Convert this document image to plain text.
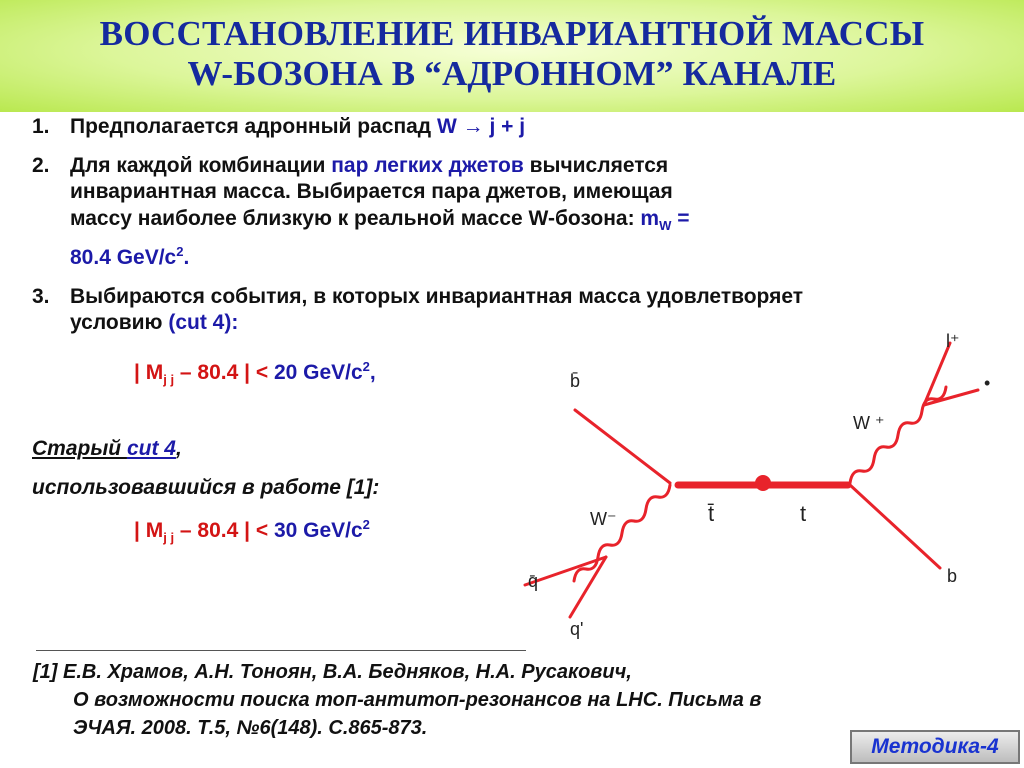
ВОССТАНОВЛЕНИЕ ИНВАРИАНТНОЙ МАССЫ
W-БОЗОНА В “АДРОННОМ” КАНАЛЕ
1. Предполагается адронный распад W → j + j
2. Для каждой комбинации пар легких джетов вычисляется инвариантная масса. Выбирается пара джетов, имеющая массу наиболее близкую к реальной массе W-бозона: $m_W = 80.4$ GeV/$c^2$.
3. Выбираются события, в которых инвариантная масса удовлетворяет условию (cut 4):
| $M_{j j} - 80.4$ | < 20 GeV/$c^2$,
Старый cut 4,
использовавшийся в работе [1]:
| $M_{j j} - 80.4$ | < 30 GeV/$c^2$
b̄
l⁺
•
W ⁺
W⁻	t̄	t
q̄
q'
b
[1] Е.В. Храмов, А.Н. Тоноян, В.А. Бедняков, Н.А. Русакович,
О возможности поиска топ-антитоп-резонансов на LHC. Письма в
ЭЧАЯ. 2008. Т.5, №6(148). С.865-873.
Методика-4
